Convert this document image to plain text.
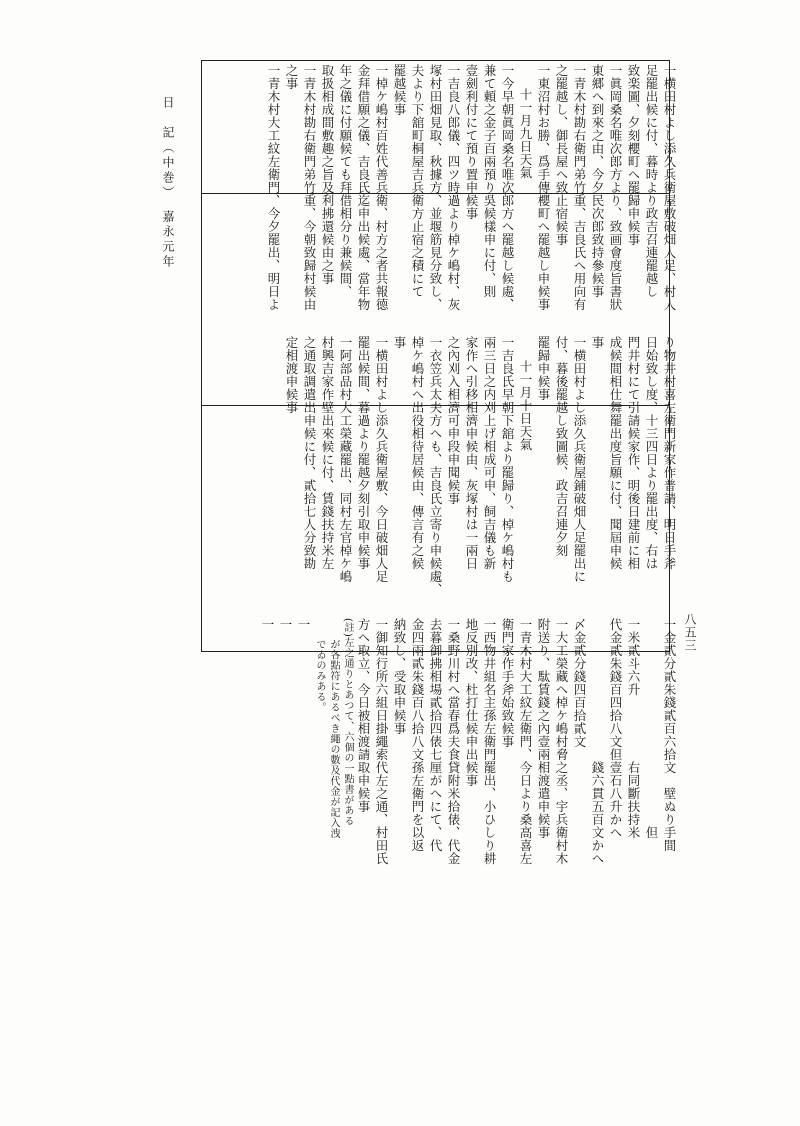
日　記（中巻）　嘉永元年
八五三
一横田村よし添久兵衛屋敷破畑人足、村人
足罷出候に付、暮時より政吉召連罷越し
致楽圖、夕刻櫻町へ罷歸申候事
一眞岡桑名唯次郎方より、致画會度旨書狀
東郷へ到來之由、今夕民次郎致持參候事
一青木村勘右衛門弟竹重、吉良氏へ用向有
之罷越し、御長屋へ致止宿候事
一東沼村お勝、爲手傳櫻町へ罷越し申候事
十一月九日天氣
一今早朝眞岡桑名唯次郎方へ罷越し候處、
兼て頼之金子百兩預り吳候樣申に付、則
壹劍利付にて預り置申候事
一吉良八郎儀、四ツ時過より棹ケ嶋村、灰
塚村田畑見取、秋據方、並堰筋見分致し、
夫より下舘町桐屋吉兵衛方止宿之積にて
罷越候事
一棹ケ嶋村百姓代善兵衛、村方之者共報德
金拜借願之儀、吉良氏迄申出候處、當年物
年之儀に付願候ても拜借相分り兼候間、
取扱相成間敷趣之旨及利拂還候由之事
一青木村勘右衛門弟竹重、今朝致歸村候由
之事
一青木村大工紋左衛門、今夕罷出、明日よ
り物井村喜左衛門新家作普請、明日手斧
日始致し度、十三四日より罷出度、右は
門井村にて引請候家作、明後日建前に相
成候間相仕舞罷出度旨願に付、聞屆申候
事
一横田村よし添久兵衛屋鋪破畑人足罷出に
付、暮後罷越し致圖候、政吉召連夕刻
罷歸申候事
十一月十日天氣
一吉良氏早朝下舘より罷歸り、棹ケ嶋村も
兩三日之内刈上げ相成可申、飼吉儀も新
家作へ引移相濟申候由、灰塚村は一兩日
之內刈入相濟可申段申聞候事
一衣笠兵太夫方へも、吉良氏立寄り申候處、
棹ケ嶋村へ出役相待居候由、傳言有之候
事
一横田村よし添久兵衛屋敷、今日破畑人足
罷出候間、暮過より罷越夕刻引取申候事
一阿部品村大工榮藏罷出、同村左官棹ケ嶋
村興吉家作壁出來候に付、賃錢扶持米左
之通取調遣出申候に付、貳拾七人分致勘
定相渡申候事
一金貳分貳朱錢貳百六拾文　壁ぬり手間
　　　　　　　　　　　　　　　　但
一米貳斗六升　　　　　右同斷扶持米
代金貳朱錢百四拾八文但壹石八升かへ
　　　　　　　　　　　錢六貫五百文かへ
〆金貳分錢四百拾貳文
一大工榮藏へ棹ケ嶋村脅之丞、宇兵衛村木
附送り、駄賃錢之內壹兩相渡遣申候事
一青木村大工紋左衛門、今日より桑高喜左
衛門家作手斧始致候事
一西物井組名主孫左衛門罷出、小ひしり耕
地反別改、杜打仕候申出候事
一桑野川村へ當春爲夫食貸附米拾俵、代金
去暮御拂相場貳拾四俵七厘がへにて、代
金四兩貳朱錢百八拾八文孫左衛門を以返
納致し、受取申候事
一御知行所六組日掛繩索代左之通、村田氏
方へ取立、今日被相渡請取申候事
(註)左之通りとあつて、六個の一點書がある
　　が各點符にあるべき繩の數及代金が記入洩
　　でゐのみある。
一
一
一
